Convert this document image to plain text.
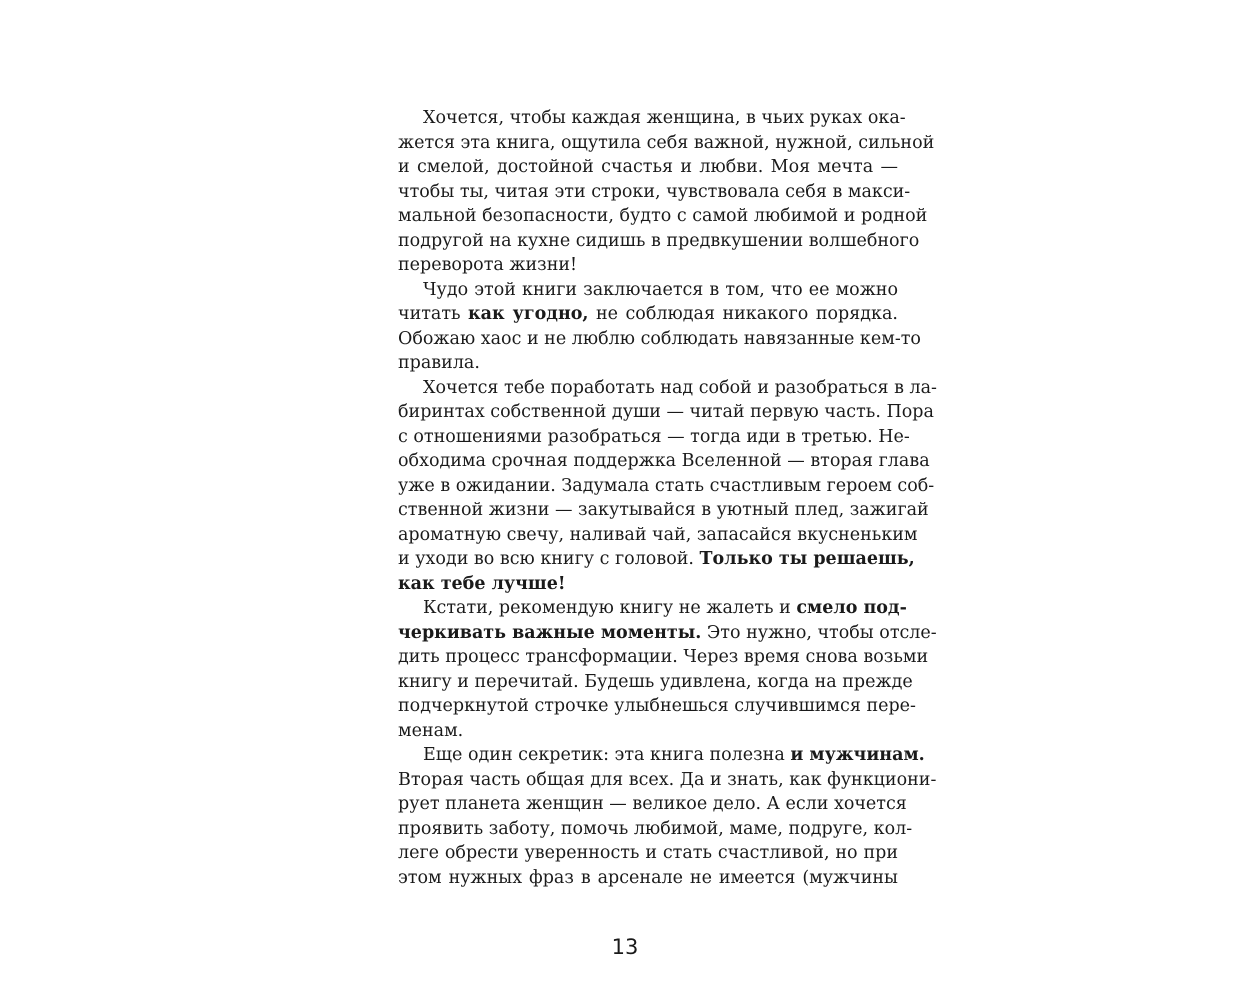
Хочется, чтобы каждая женщина, в чьих руках ока-
жется эта книга, ощутила себя важной, нужной, сильной
и смелой, достойной счастья и любви. Моя мечта —
чтобы ты, читая эти строки, чувствовала себя в макси-
мальной безопасности, будто с самой любимой и родной
подругой на кухне сидишь в предвкушении волшебного
переворота жизни!
Чудо этой книги заключается в том, что ее можно
читать как угодно, не соблюдая никакого порядка.
Обожаю хаос и не люблю соблюдать навязанные кем-то
правила.
Хочется тебе поработать над собой и разобраться в ла-
биринтах собственной души — читай первую часть. Пора
с отношениями разобраться — тогда иди в третью. Не-
обходима срочная поддержка Вселенной — вторая глава
уже в ожидании. Задумала стать счастливым героем соб-
ственной жизни — закутывайся в уютный плед, зажигай
ароматную свечу, наливай чай, запасайся вкусненьким
и уходи во всю книгу с головой. Только ты решаешь,
как тебе лучше!
Кстати, рекомендую книгу не жалеть и смело под-
черкивать важные моменты. Это нужно, чтобы отсле-
дить процесс трансформации. Через время снова возьми
книгу и перечитай. Будешь удивлена, когда на прежде
подчеркнутой строчке улыбнешься случившимся пере-
менам.
Еще один секретик: эта книга полезна и мужчинам.
Вторая часть общая для всех. Да и знать, как функциони-
рует планета женщин — великое дело. А если хочется
проявить заботу, помочь любимой, маме, подруге, кол-
леге обрести уверенность и стать счастливой, но при
этом нужных фраз в арсенале не имеется (мужчины
13
